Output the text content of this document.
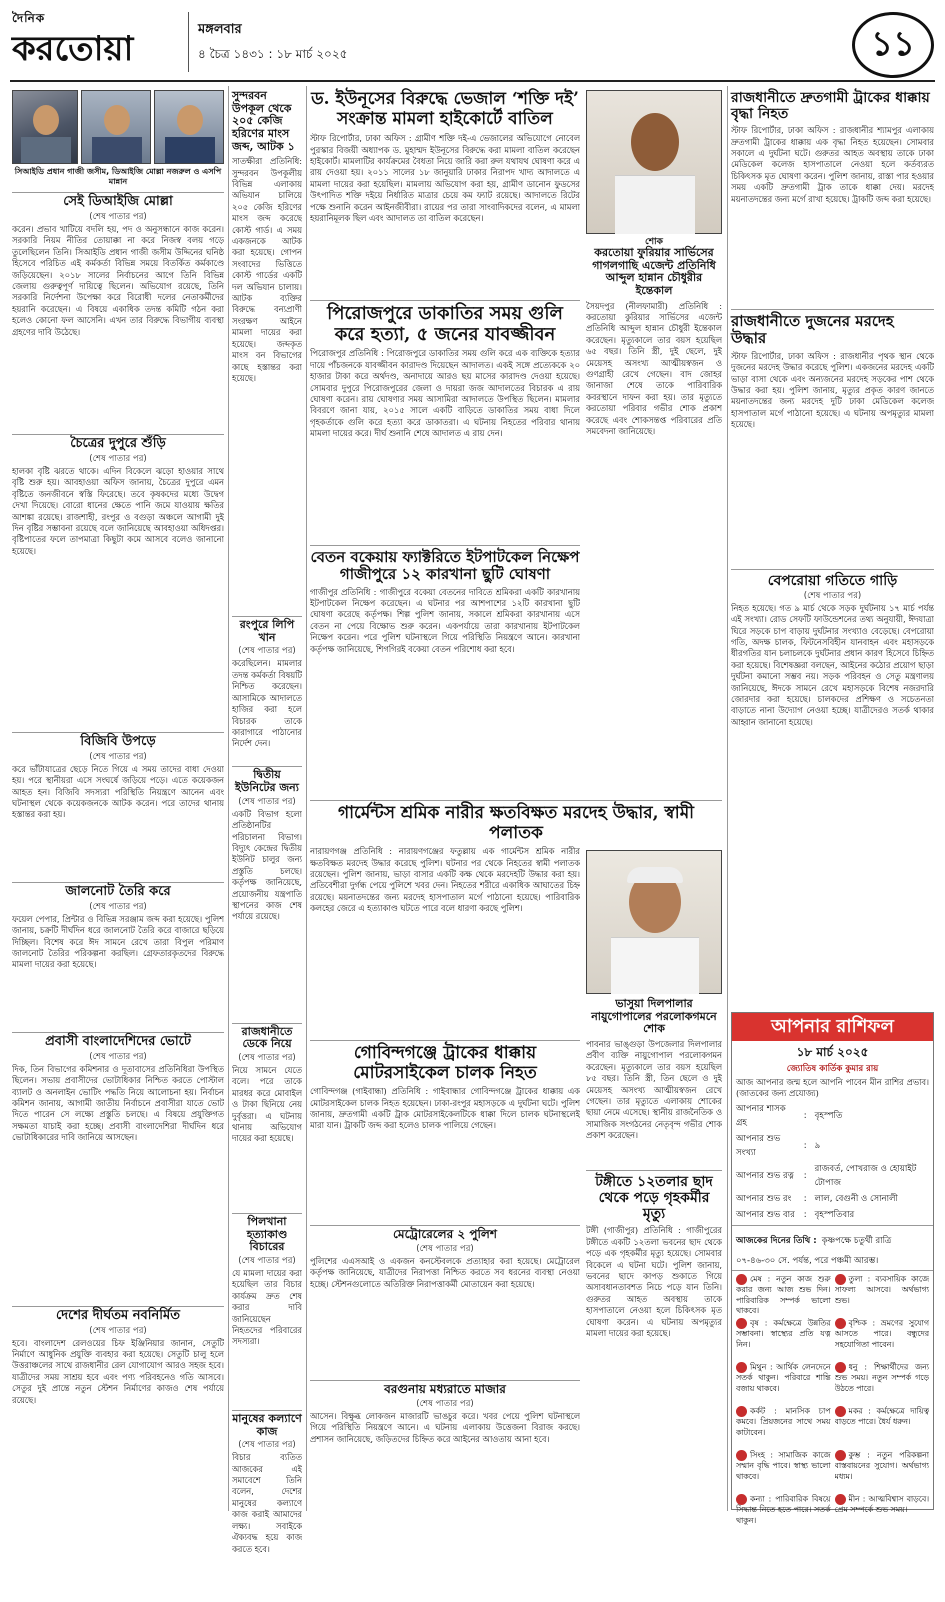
দৈনিক
করতোয়া	মঙ্গলবার
৪ চৈত্র ১৪৩১ : ১৮ মার্চ ২০২৫	১১
সিআইডি প্রধান গাজী জসীম, ডিআইজি মোল্লা নজরুল ও এসপি মান্নান
সেই ডিআইজি মোল্লা
(শেষ পাতার পর)
করেন। প্রভাব খাটিয়ে বদলি হয়, পদ ও অনুসন্ধানে কাজ করেন। সরকারি নিয়ম নীতির তোয়াক্কা না করে নিজস্ব বলয় গড়ে তুলেছিলেন তিনি। সিআইডি প্রধান গাজী জসীম উদ্দিনের ঘনিষ্ঠ হিসেবে পরিচিত এই কর্মকর্তা বিভিন্ন সময়ে বিতর্কিত কর্মকাণ্ডে জড়িয়েছেন। ২০১৮ সালের নির্বাচনের আগে তিনি বিভিন্ন জেলায় গুরুত্বপূর্ণ দায়িত্বে ছিলেন। অভিযোগ রয়েছে, তিনি সরকারি নির্দেশনা উপেক্ষা করে বিরোধী দলের নেতাকর্মীদের হয়রানি করেছেন। এ বিষয়ে একাধিক তদন্ত কমিটি গঠন করা হলেও কোনো ফল আসেনি। এখন তার বিরুদ্ধে বিভাগীয় ব্যবস্থা গ্রহণের দাবি উঠেছে।
চৈত্রের দুপুরে শুঁড়ি
(শেষ পাতার পর)
হালকা বৃষ্টি ঝরতে থাকে। এদিন বিকেলে ঝড়ো হাওয়ার সাথে বৃষ্টি শুরু হয়। আবহাওয়া অফিস জানায়, চৈত্রের দুপুরে এমন বৃষ্টিতে জনজীবনে স্বস্তি ফিরেছে। তবে কৃষকদের মধ্যে উদ্বেগ দেখা দিয়েছে। বোরো ধানের ক্ষেতে পানি জমে যাওয়ায় ক্ষতির আশঙ্কা রয়েছে। রাজশাহী, রংপুর ও বগুড়া অঞ্চলে আগামী দুই দিন বৃষ্টির সম্ভাবনা রয়েছে বলে জানিয়েছে আবহাওয়া অধিদপ্তর। বৃষ্টিপাতের ফলে তাপমাত্রা কিছুটা কমে আসবে বলেও জানানো হয়েছে।
বিজিবি উপড়ে
(শেষ পাতার পর)
করে ভাঁটাযাত্রের ছেড়ে নিতে গিয়ে এ সময় তাদের বাধা দেওয়া হয়। পরে স্থানীয়রা এসে সংঘর্ষে জড়িয়ে পড়ে। এতে কয়েকজন আহত হন। বিজিবি সদস্যরা পরিস্থিতি নিয়ন্ত্রণে আনেন এবং ঘটনাস্থল থেকে কয়েকজনকে আটক করেন। পরে তাদের থানায় হস্তান্তর করা হয়।
জালনোট তৈরি করে
(শেষ পাতার পর)
ফয়েল পেপার, প্রিন্টার ও বিভিন্ন সরঞ্জাম জব্দ করা হয়েছে। পুলিশ জানায়, চক্রটি দীর্ঘদিন ধরে জালনোট তৈরি করে বাজারে ছড়িয়ে দিচ্ছিল। বিশেষ করে ঈদ সামনে রেখে তারা বিপুল পরিমাণ জালনোট তৈরির পরিকল্পনা করছিল। গ্রেফতারকৃতদের বিরুদ্ধে মামলা দায়ের করা হয়েছে।
প্রবাসী বাংলাদেশিদের ভোটে
(শেষ পাতার পর)
দিক, তিন বিভাগের কমিশনার ও দূতাবাসের প্রতিনিধিরা উপস্থিত ছিলেন। সভায় প্রবাসীদের ভোটাধিকার নিশ্চিত করতে পোস্টাল ব্যালট ও অনলাইন ভোটিং পদ্ধতি নিয়ে আলোচনা হয়। নির্বাচন কমিশন জানায়, আগামী জাতীয় নির্বাচনে প্রবাসীরা যাতে ভোট দিতে পারেন সে লক্ষ্যে প্রস্তুতি চলছে। এ বিষয়ে প্রযুক্তিগত সক্ষমতা যাচাই করা হচ্ছে। প্রবাসী বাংলাদেশিরা দীর্ঘদিন ধরে ভোটাধিকারের দাবি জানিয়ে আসছেন।
দেশের দীর্ঘতম নবনির্মিত
(শেষ পাতার পর)
হবে। বাংলাদেশ রেলওয়ের চিফ ইঞ্জিনিয়ার জানান, সেতুটি নির্মাণে আধুনিক প্রযুক্তি ব্যবহার করা হয়েছে। সেতুটি চালু হলে উত্তরাঞ্চলের সাথে রাজধানীর রেল যোগাযোগ আরও সহজ হবে। যাত্রীদের সময় সাশ্রয় হবে এবং পণ্য পরিবহনেও গতি আসবে। সেতুর দুই প্রান্তে নতুন স্টেশন নির্মাণের কাজও শেষ পর্যায়ে রয়েছে।
সুন্দরবন উপকূল থেকে ২০৫ কেজি হরিণের মাংস জব্দ, আটক ১
সাতক্ষীরা প্রতিনিধি: সুন্দরবন উপকূলীয় বিভিন্ন এলাকায় অভিযান চালিয়ে ২০৫ কেজি হরিণের মাংস জব্দ করেছে কোস্ট গার্ড। এ সময় একজনকে আটক করা হয়েছে। গোপন সংবাদের ভিত্তিতে কোস্ট গার্ডের একটি দল অভিযান চালায়। আটক ব্যক্তির বিরুদ্ধে বন্যপ্রাণী সংরক্ষণ আইনে মামলা দায়ের করা হয়েছে। জব্দকৃত মাংস বন বিভাগের কাছে হস্তান্তর করা হয়েছে।
রংপুরে লিপি খান
(শেষ পাতার পর)
করেছিলেন। মামলার তদন্ত কর্মকর্তা বিষয়টি নিশ্চিত করেছেন। আসামিকে আদালতে হাজির করা হলে বিচারক তাকে কারাগারে পাঠানোর নির্দেশ দেন।
দ্বিতীয় ইউনিটের জন্য
(শেষ পাতার পর)
একটি বিভাগ হলো প্রতিষ্ঠানটির পরিচালনা বিভাগ। বিদ্যুৎ কেন্দ্রের দ্বিতীয় ইউনিট চালুর জন্য প্রস্তুতি চলছে। কর্তৃপক্ষ জানিয়েছে, প্রয়োজনীয় যন্ত্রপাতি স্থাপনের কাজ শেষ পর্যায়ে রয়েছে।
রাজধানীতে ডেকে নিয়ে
(শেষ পাতার পর)
নিয়ে সামনে যেতে বলে। পরে তাকে মারধর করে মোবাইল ও টাকা ছিনিয়ে নেয় দুর্বৃত্তরা। এ ঘটনায় থানায় অভিযোগ দায়ের করা হয়েছে।
পিলখানা হত্যাকাণ্ড বিচারের
(শেষ পাতার পর)
যে মামলা দায়ের করা হয়েছিল তার বিচার কার্যক্রম দ্রুত শেষ করার দাবি জানিয়েছেন নিহতদের পরিবারের সদস্যরা।
মানুষের কল্যাণে কাজ
(শেষ পাতার পর)
বিচার ব্যতিত আজকের এই সমাবেশে তিনি বলেন, দেশের মানুষের কল্যাণে কাজ করাই আমাদের লক্ষ্য। সবাইকে ঐক্যবদ্ধ হয়ে কাজ করতে হবে।
ড. ইউনূসের বিরুদ্ধে ভেজাল ‘শক্তি দই’ সংক্রান্ত মামলা হাইকোর্টে বাতিল
স্টাফ রিপোর্টার, ঢাকা অফিস : গ্রামীণ শক্তি দই-এ ভেজালের অভিযোগে নোবেল পুরস্কার বিজয়ী অধ্যাপক ড. মুহাম্মদ ইউনূসের বিরুদ্ধে করা মামলা বাতিল করেছেন হাইকোর্ট। মামলাটির কার্যক্রমের বৈধতা নিয়ে জারি করা রুল যথাযথ ঘোষণা করে এ রায় দেওয়া হয়। ২০১১ সালের ১৮ জানুয়ারি ঢাকার নিরাপদ খাদ্য আদালতে এ মামলা দায়ের করা হয়েছিল। মামলায় অভিযোগ করা হয়, গ্রামীণ ডানোন ফুডসের উৎপাদিত শক্তি দইয়ে নির্ধারিত মাত্রার চেয়ে কম ফ্যাট রয়েছে। আদালতে রিটের পক্ষে শুনানি করেন আইনজীবীরা। রায়ের পর তারা সাংবাদিকদের বলেন, এ মামলা হয়রানিমূলক ছিল এবং আদালত তা বাতিল করেছেন।
শোক
করতোয়া ফুরিয়ার সার্ভিসের গাগলগাছি এজেন্ট প্রতিনিধি আব্দুল হান্নান চৌধুরীর ইন্তেকাল
সৈয়দপুর (নীলফামারী) প্রতিনিধি : করতোয়া কুরিয়ার সার্ভিসের এজেন্ট প্রতিনিধি আব্দুল হান্নান চৌধুরী ইন্তেকাল করেছেন। মৃত্যুকালে তার বয়স হয়েছিল ৬৫ বছর। তিনি স্ত্রী, দুই ছেলে, দুই মেয়েসহ অসংখ্য আত্মীয়স্বজন ও গুণগ্রাহী রেখে গেছেন। বাদ জোহর জানাজা শেষে তাকে পারিবারিক কবরস্থানে দাফন করা হয়। তার মৃত্যুতে করতোয়া পরিবার গভীর শোক প্রকাশ করেছে এবং শোকসন্তপ্ত পরিবারের প্রতি সমবেদনা জানিয়েছে।
পিরোজপুরে ডাকাতির সময় গুলি করে হত্যা, ৫ জনের যাবজ্জীবন
পিরোজপুর প্রতিনিধি : পিরোজপুরে ডাকাতির সময় গুলি করে এক ব্যক্তিকে হত্যার দায়ে পাঁচজনকে যাবজ্জীবন কারাদণ্ড দিয়েছেন আদালত। একই সঙ্গে প্রত্যেককে ২০ হাজার টাকা করে অর্থদণ্ড, অনাদায়ে আরও ছয় মাসের কারাদণ্ড দেওয়া হয়েছে। সোমবার দুপুরে পিরোজপুরের জেলা ও দায়রা জজ আদালতের বিচারক এ রায় ঘোষণা করেন। রায় ঘোষণার সময় আসামিরা আদালতে উপস্থিত ছিলেন। মামলার বিবরণে জানা যায়, ২০১৫ সালে একটি বাড়িতে ডাকাতির সময় বাধা দিলে গৃহকর্তাকে গুলি করে হত্যা করে ডাকাতরা। এ ঘটনায় নিহতের পরিবার থানায় মামলা দায়ের করে। দীর্ঘ শুনানি শেষে আদালত এ রায় দেন।
বেতন বকেয়ায় ফ্যাক্টরিতে ইটপাটকেল নিক্ষেপ গাজীপুরে ১২ কারখানা ছুটি ঘোষণা
গাজীপুর প্রতিনিধি : গাজীপুরে বকেয়া বেতনের দাবিতে শ্রমিকরা একটি কারখানায় ইটপাটকেল নিক্ষেপ করেছেন। এ ঘটনার পর আশপাশের ১২টি কারখানা ছুটি ঘোষণা করেছে কর্তৃপক্ষ। শিল্প পুলিশ জানায়, সকালে শ্রমিকরা কারখানায় এসে বেতন না পেয়ে বিক্ষোভ শুরু করেন। একপর্যায়ে তারা কারখানায় ইটপাটকেল নিক্ষেপ করেন। পরে পুলিশ ঘটনাস্থলে গিয়ে পরিস্থিতি নিয়ন্ত্রণে আনে। কারখানা কর্তৃপক্ষ জানিয়েছে, শিগগিরই বকেয়া বেতন পরিশোধ করা হবে।
গার্মেন্টস শ্রমিক নারীর ক্ষতবিক্ষত মরদেহ উদ্ধার, স্বামী পলাতক
নারায়ণগঞ্জ প্রতিনিধি : নারায়ণগঞ্জের ফতুল্লায় এক গার্মেন্টস শ্রমিক নারীর ক্ষতবিক্ষত মরদেহ উদ্ধার করেছে পুলিশ। ঘটনার পর থেকে নিহতের স্বামী পলাতক রয়েছেন। পুলিশ জানায়, ভাড়া বাসার একটি কক্ষ থেকে মরদেহটি উদ্ধার করা হয়। প্রতিবেশীরা দুর্গন্ধ পেয়ে পুলিশে খবর দেন। নিহতের শরীরে একাধিক আঘাতের চিহ্ন রয়েছে। ময়নাতদন্তের জন্য মরদেহ হাসপাতাল মর্গে পাঠানো হয়েছে। পারিবারিক কলহের জেরে এ হত্যাকাণ্ড ঘটতে পারে বলে ধারণা করছে পুলিশ।
গোবিন্দগঞ্জে ট্রাকের ধাক্কায় মোটরসাইকেল চালক নিহত
গোবিন্দগঞ্জ (গাইবান্ধা) প্রতিনিধি : গাইবান্ধার গোবিন্দগঞ্জে ট্রাকের ধাক্কায় এক মোটরসাইকেল চালক নিহত হয়েছেন। ঢাকা-রংপুর মহাসড়কে এ দুর্ঘটনা ঘটে। পুলিশ জানায়, দ্রুতগামী একটি ট্রাক মোটরসাইকেলটিকে ধাক্কা দিলে চালক ঘটনাস্থলেই মারা যান। ট্রাকটি জব্দ করা হলেও চালক পালিয়ে গেছেন।
মেট্রোরেলের ২ পুলিশ
(শেষ পাতার পর)
পুলিশের এএসআই ও একজন কনস্টেবলকে প্রত্যাহার করা হয়েছে। মেট্রোরেল কর্তৃপক্ষ জানিয়েছে, যাত্রীদের নিরাপত্তা নিশ্চিত করতে সব ধরনের ব্যবস্থা নেওয়া হচ্ছে। স্টেশনগুলোতে অতিরিক্ত নিরাপত্তাকর্মী মোতায়েন করা হয়েছে।
বরগুনায় মধ্যরাতে মাজার
(শেষ পাতার পর)
আসেন। বিক্ষুব্ধ লোকজন মাজারটি ভাঙচুর করে। খবর পেয়ে পুলিশ ঘটনাস্থলে গিয়ে পরিস্থিতি নিয়ন্ত্রণে আনে। এ ঘটনায় এলাকায় উত্তেজনা বিরাজ করছে। প্রশাসন জানিয়েছে, জড়িতদের চিহ্নিত করে আইনের আওতায় আনা হবে।
ভাসুয়া দিলপালার নায়ুগোপালের পরলোকগমনে শোক
পাবনার ভাঙ্গুড়া উপজেলার দিলপালার প্রবীণ ব্যক্তি নায়ুগোপাল পরলোকগমন করেছেন। মৃত্যুকালে তার বয়স হয়েছিল ৮৫ বছর। তিনি স্ত্রী, তিন ছেলে ও দুই মেয়েসহ অসংখ্য আত্মীয়স্বজন রেখে গেছেন। তার মৃত্যুতে এলাকায় শোকের ছায়া নেমে এসেছে। স্থানীয় রাজনৈতিক ও সামাজিক সংগঠনের নেতৃবৃন্দ গভীর শোক প্রকাশ করেছেন।
টঙ্গীতে ১২তলার ছাদ থেকে পড়ে গৃহকর্মীর মৃত্যু
টঙ্গী (গাজীপুর) প্রতিনিধি : গাজীপুরের টঙ্গীতে একটি ১২তলা ভবনের ছাদ থেকে পড়ে এক গৃহকর্মীর মৃত্যু হয়েছে। সোমবার বিকেলে এ ঘটনা ঘটে। পুলিশ জানায়, ভবনের ছাদে কাপড় শুকাতে গিয়ে অসাবধানতাবশত নিচে পড়ে যান তিনি। গুরুতর আহত অবস্থায় তাকে হাসপাতালে নেওয়া হলে চিকিৎসক মৃত ঘোষণা করেন। এ ঘটনায় অপমৃত্যুর মামলা দায়ের করা হয়েছে।
রাজধানীতে দ্রুতগামী ট্রাকের ধাক্কায় বৃদ্ধা নিহত
স্টাফ রিপোর্টার, ঢাকা অফিস : রাজধানীর শ্যামপুর এলাকায় দ্রুতগামী ট্রাকের ধাক্কায় এক বৃদ্ধা নিহত হয়েছেন। সোমবার সকালে এ দুর্ঘটনা ঘটে। গুরুতর আহত অবস্থায় তাকে ঢাকা মেডিকেল কলেজ হাসপাতালে নেওয়া হলে কর্তব্যরত চিকিৎসক মৃত ঘোষণা করেন। পুলিশ জানায়, রাস্তা পার হওয়ার সময় একটি দ্রুতগামী ট্রাক তাকে ধাক্কা দেয়। মরদেহ ময়নাতদন্তের জন্য মর্গে রাখা হয়েছে। ট্রাকটি জব্দ করা হয়েছে।
রাজধানীতে দুজনের মরদেহ উদ্ধার
স্টাফ রিপোর্টার, ঢাকা অফিস : রাজধানীর পৃথক স্থান থেকে দুজনের মরদেহ উদ্ধার করেছে পুলিশ। একজনের মরদেহ একটি ভাড়া বাসা থেকে এবং অন্যজনের মরদেহ সড়কের পাশ থেকে উদ্ধার করা হয়। পুলিশ জানায়, মৃত্যুর প্রকৃত কারণ জানতে ময়নাতদন্তের জন্য মরদেহ দুটি ঢাকা মেডিকেল কলেজ হাসপাতাল মর্গে পাঠানো হয়েছে। এ ঘটনায় অপমৃত্যুর মামলা হয়েছে।
বেপরোয়া গতিতে গাড়ি
(শেষ পাতার পর)
নিহত হয়েছে। গত ৯ মার্চ থেকে সড়ক দুর্ঘটনায় ১৭ মার্চ পর্যন্ত এই সংখ্যা। রোড সেফটি ফাউন্ডেশনের তথ্য অনুযায়ী, ঈদযাত্রা ঘিরে সড়কে চাপ বাড়ায় দুর্ঘটনার সংখ্যাও বেড়েছে। বেপরোয়া গতি, অদক্ষ চালক, ফিটনেসবিহীন যানবাহন এবং মহাসড়কে ধীরগতির যান চলাচলকে দুর্ঘটনার প্রধান কারণ হিসেবে চিহ্নিত করা হয়েছে। বিশেষজ্ঞরা বলছেন, আইনের কঠোর প্রয়োগ ছাড়া দুর্ঘটনা কমানো সম্ভব নয়। সড়ক পরিবহন ও সেতু মন্ত্রণালয় জানিয়েছে, ঈদকে সামনে রেখে মহাসড়কে বিশেষ নজরদারি জোরদার করা হয়েছে। চালকদের প্রশিক্ষণ ও সচেতনতা বাড়াতে নানা উদ্যোগ নেওয়া হচ্ছে। যাত্রীদেরও সতর্ক থাকার আহ্বান জানানো হয়েছে।
আপনার রাশিফল
১৮ মার্চ ২০২৫
জ্যোতিষ কার্তিক কুমার রায়
আজ আপনার জন্ম হলে আপনি পাবেন মীন রাশির প্রভাব। (জাতকের জন্য প্রযোজ্য)
আপনার শাসক গ্রহ	:	বৃহস্পতি
আপনার শুভ সংখ্যা	:	৯
আপনার শুভ রত্ন	:	রাজবর্ত, পোখরাজ ও হোয়াইট টোপাজ
আপনার শুভ রং	:	লাল, বেগুনী ও সোনালী
আপনার শুভ বার	:	বৃহস্পতিবার
আজকের দিনের তিথি : কৃষ্ণপক্ষে চতুর্থী রাত্রি ০৭-৪৬-৩০ সে. পর্যন্ত, পরে পঞ্চমী আরম্ভ।
মেষ : নতুন কাজ শুরু করার জন্য আজ শুভ দিন। পারিবারিক সম্পর্ক ভালো থাকবে।
তুলা : ব্যবসায়িক কাজে সাফল্য আসবে। অর্থভাগ্য শুভ।
বৃষ : কর্মক্ষেত্রে উন্নতির সম্ভাবনা। স্বাস্থ্যের প্রতি যত্ন নিন।
বৃশ্চিক : ভ্রমণের সুযোগ আসতে পারে। বন্ধুদের সহযোগিতা পাবেন।
মিথুন : আর্থিক লেনদেনে সতর্ক থাকুন। পরিবারে শান্তি বজায় থাকবে।
ধনু : শিক্ষার্থীদের জন্য শুভ সময়। নতুন সম্পর্ক গড়ে উঠতে পারে।
কর্কট : মানসিক চাপ কমবে। প্রিয়জনের সাথে সময় কাটাবেন।
মকর : কর্মক্ষেত্রে দায়িত্ব বাড়তে পারে। ধৈর্য ধরুন।
সিংহ : সামাজিক কাজে সম্মান বৃদ্ধি পাবে। স্বাস্থ্য ভালো থাকবে।
কুম্ভ : নতুন পরিকল্পনা বাস্তবায়নের সুযোগ। অর্থভাগ্য মধ্যম।
কন্যা : পারিবারিক বিষয়ে সিদ্ধান্ত নিতে হতে পারে। সতর্ক থাকুন।
মীন : আত্মবিশ্বাস বাড়বে। প্রেম সম্পর্কে শুভ সময়।
